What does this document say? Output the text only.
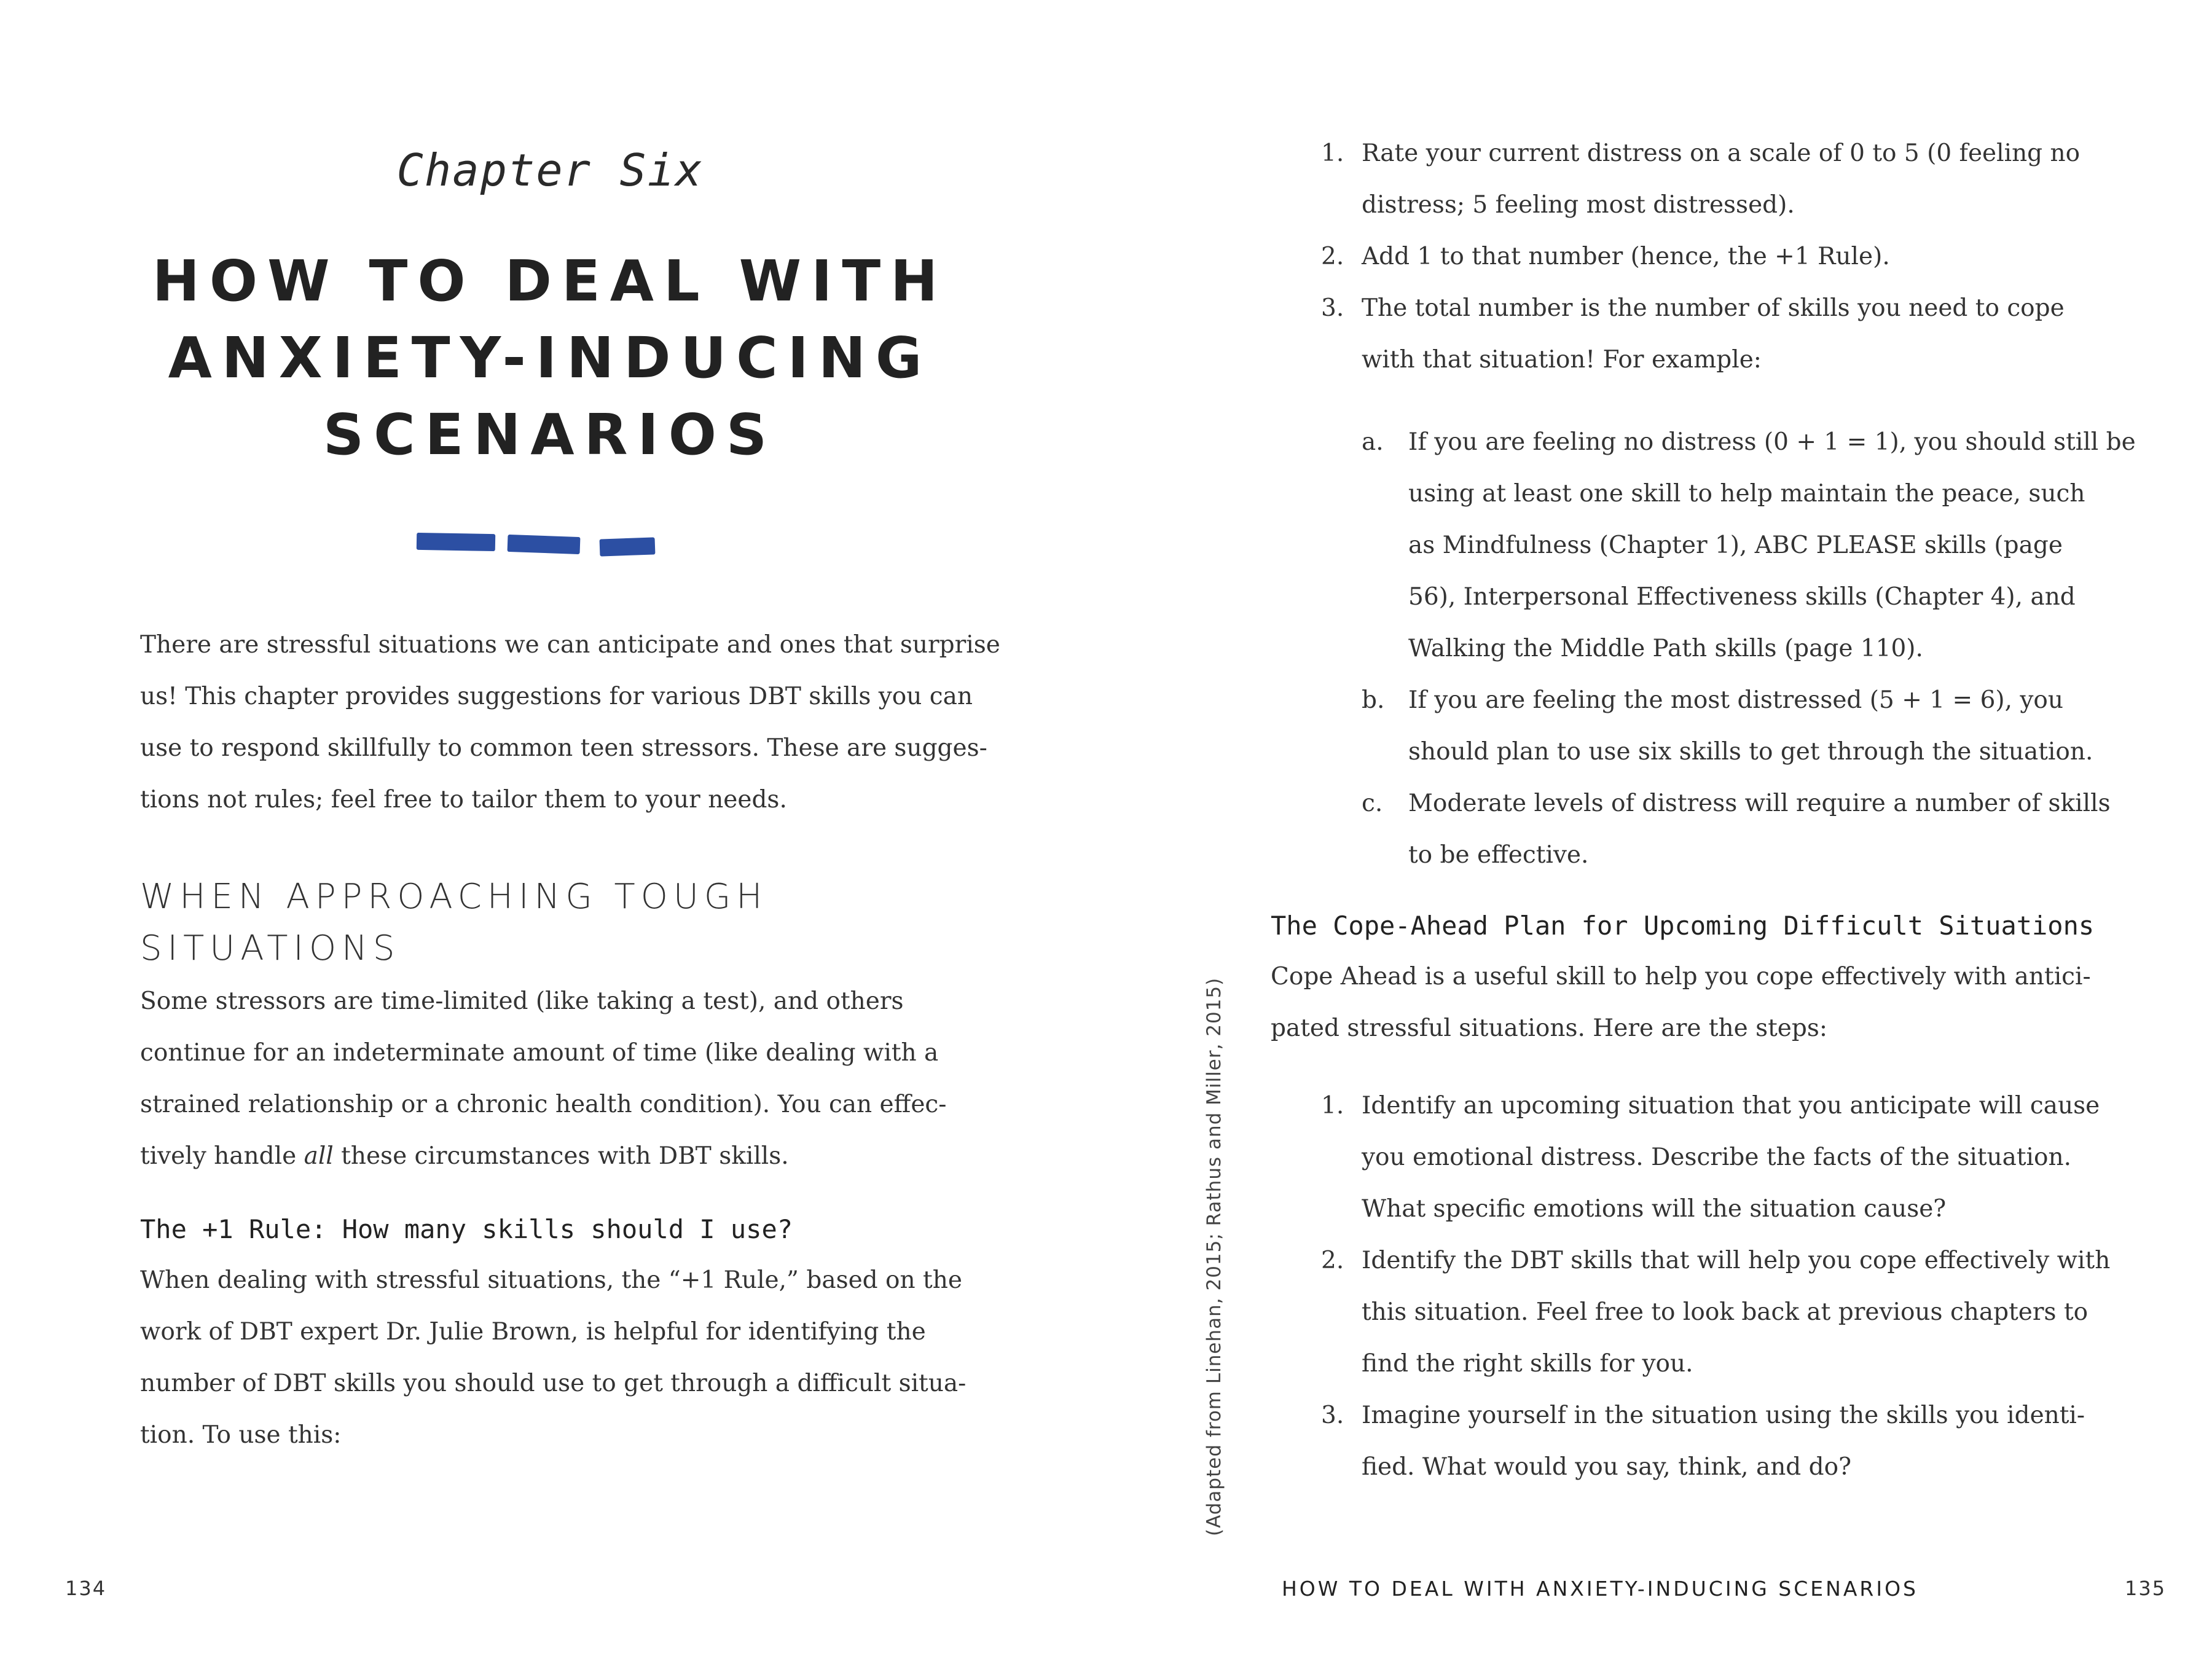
Chapter Six
HOW TO DEAL WITH
ANXIETY-INDUCING
SCENARIOS
There are stressful situations we can anticipate and ones that surprise
us! This chapter provides suggestions for various DBT skills you can
use to respond skillfully to common teen stressors. These are sugges-
tions not rules; feel free to tailor them to your needs.
WHEN APPROACHING TOUGH
SITUATIONS
Some stressors are time-limited (like taking a test), and others
continue for an indeterminate amount of time (like dealing with a
strained relationship or a chronic health condition). You can effec-
tively handle all these circumstances with DBT skills.
The +1 Rule: How many skills should I use?
When dealing with stressful situations, the “+1 Rule,” based on the
work of DBT expert Dr. Julie Brown, is helpful for identifying the
number of DBT skills you should use to get through a difficult situa-
tion. To use this:
134
(Adapted from Linehan, 2015; Rathus and Miller, 2015)
1. Rate your current distress on a scale of 0 to 5 (0 feeling no
distress; 5 feeling most distressed).
2. Add 1 to that number (hence, the +1 Rule).
3. The total number is the number of skills you need to cope
with that situation! For example:
a. If you are feeling no distress (0 + 1 = 1), you should still be
using at least one skill to help maintain the peace, such
as Mindfulness (Chapter 1), ABC PLEASE skills (page
56), Interpersonal Effectiveness skills (Chapter 4), and
Walking the Middle Path skills (page 110).
b. If you are feeling the most distressed (5 + 1 = 6), you
should plan to use six skills to get through the situation.
c. Moderate levels of distress will require a number of skills
to be effective.
The Cope-Ahead Plan for Upcoming Difficult Situations
Cope Ahead is a useful skill to help you cope effectively with antici-
pated stressful situations. Here are the steps:
1. Identify an upcoming situation that you anticipate will cause
you emotional distress. Describe the facts of the situation.
What specific emotions will the situation cause?
2. Identify the DBT skills that will help you cope effectively with
this situation. Feel free to look back at previous chapters to
find the right skills for you.
3. Imagine yourself in the situation using the skills you identi-
fied. What would you say, think, and do?
HOW TO DEAL WITH ANXIETY-INDUCING SCENARIOS	135
